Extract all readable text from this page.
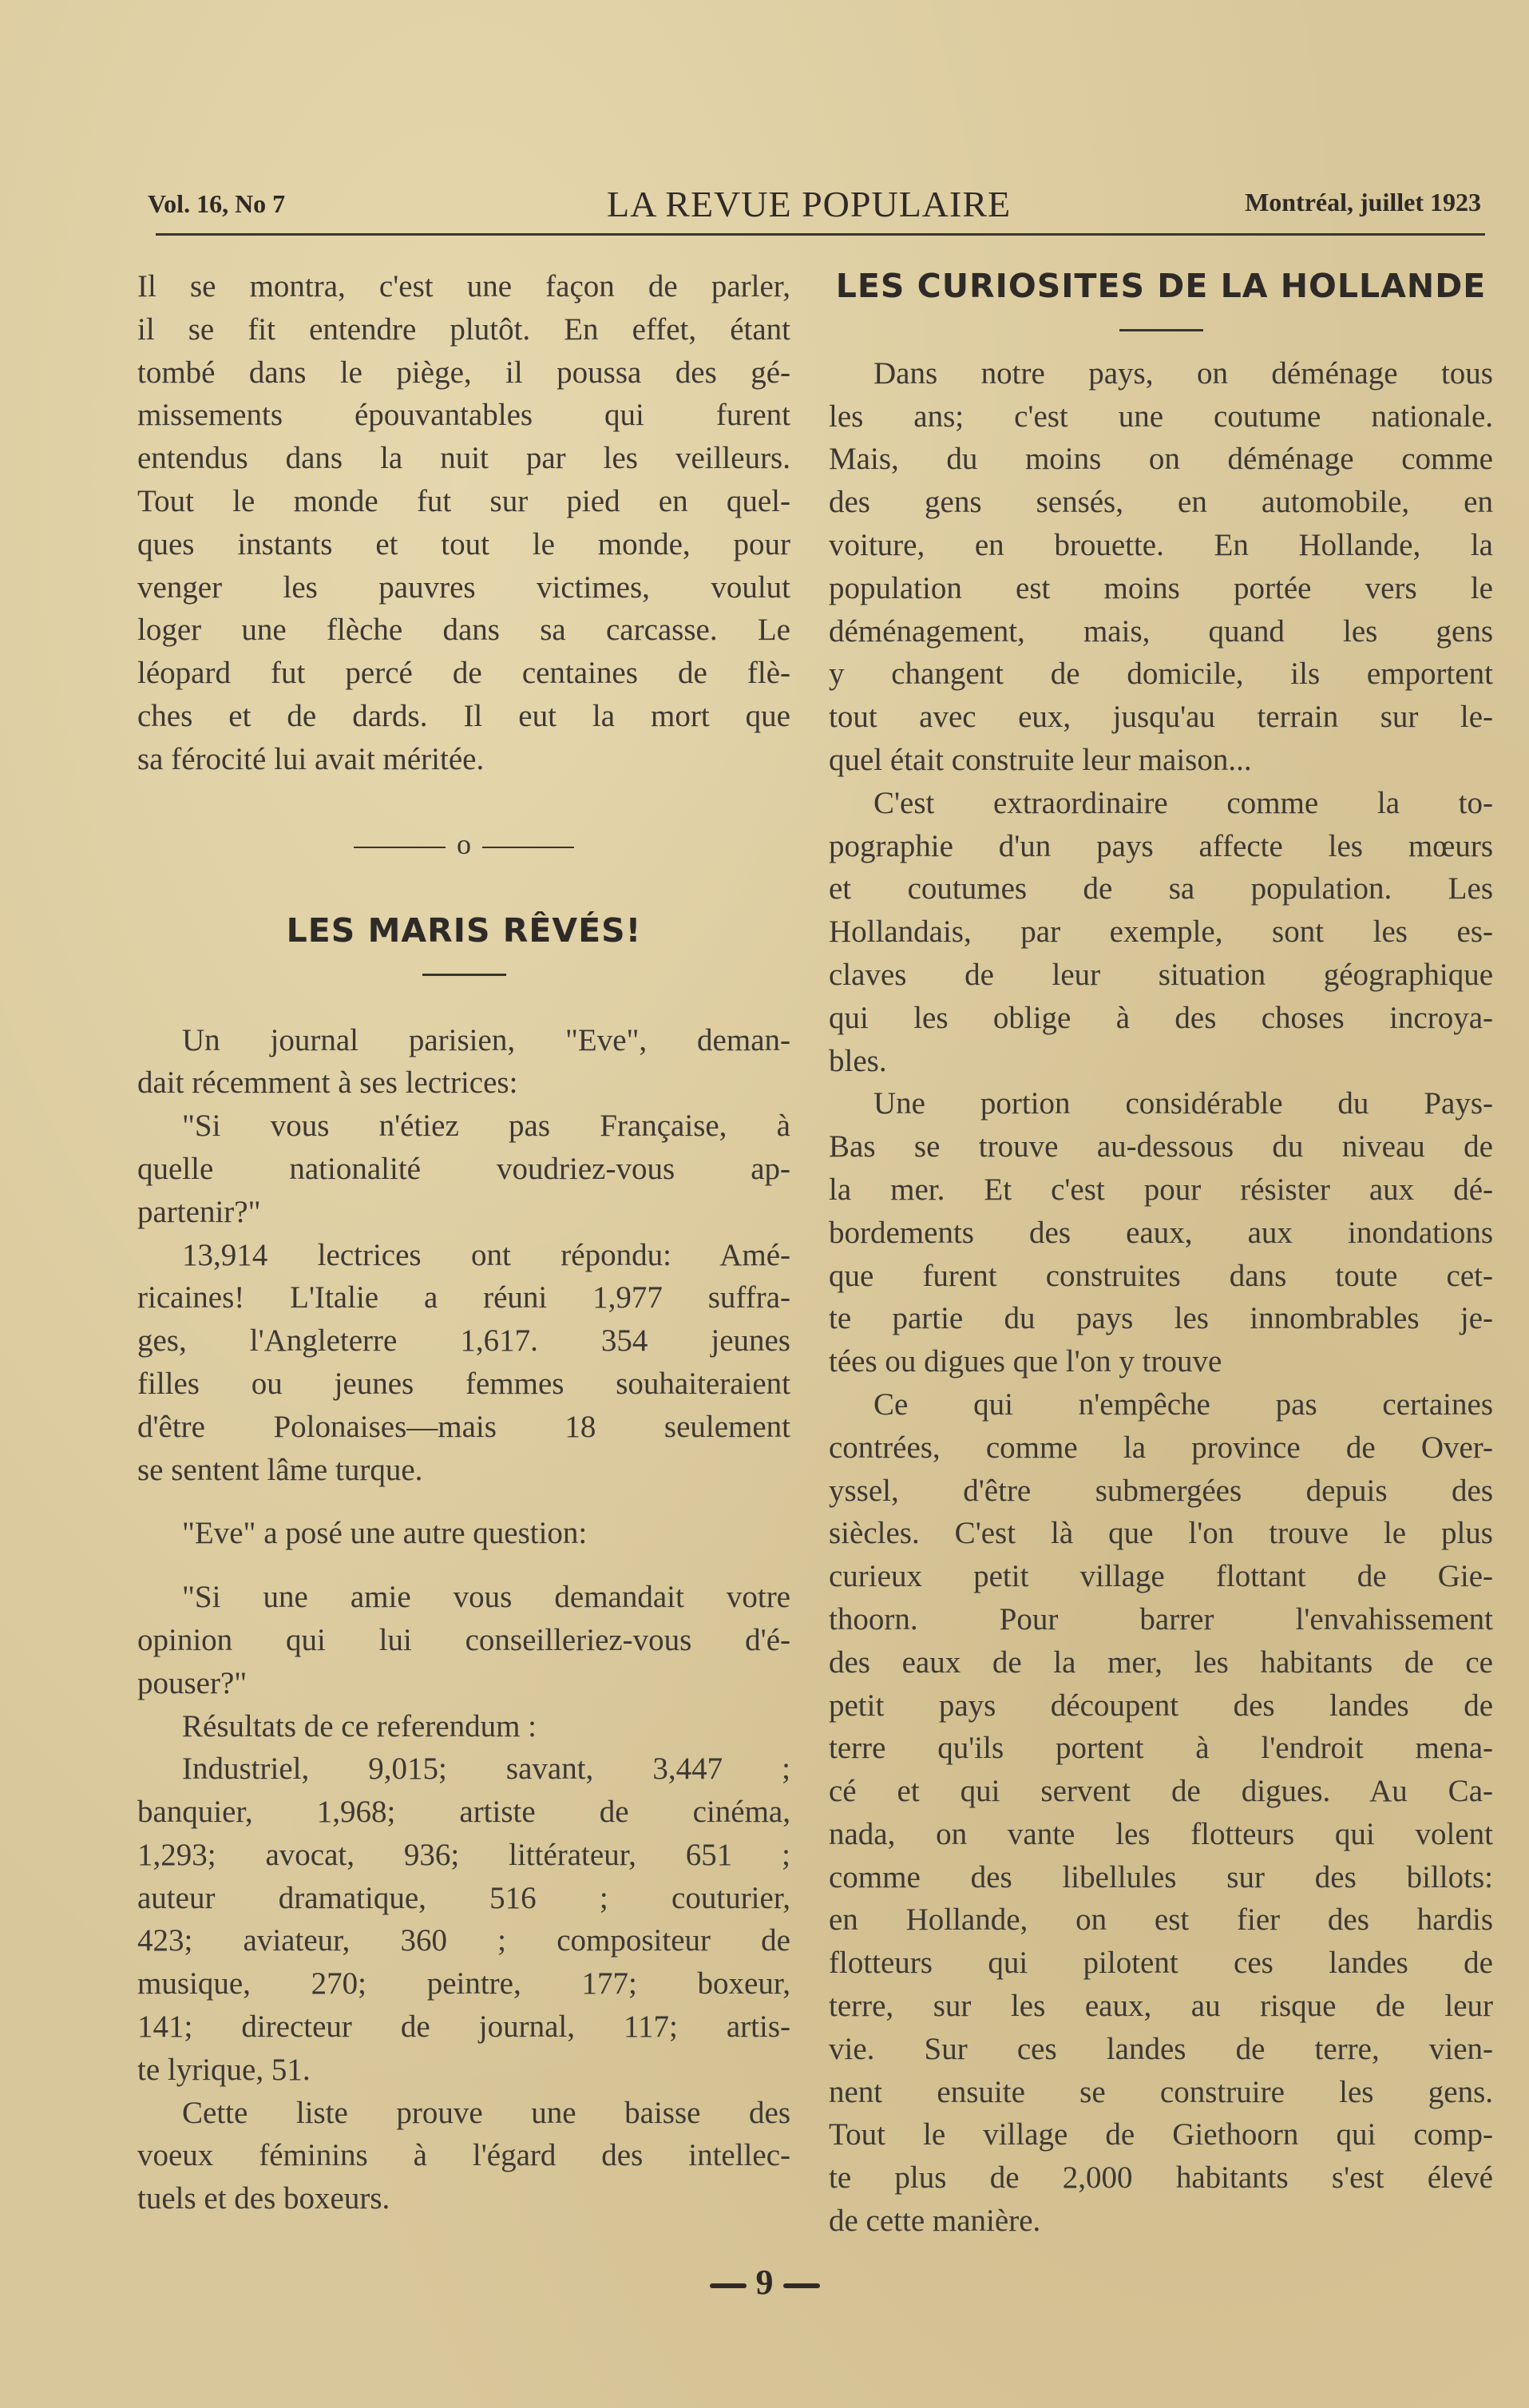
Vol. 16, No 7	LA REVUE POPULAIRE	Montréal, juillet 1923
Il se montra, c'est une façon de parler,
il se fit entendre plutôt. En effet, étant
tombé dans le piège, il poussa des gé-
missements épouvantables qui furent
entendus dans la nuit par les veilleurs.
Tout le monde fut sur pied en quel-
ques instants et tout le monde, pour
venger les pauvres victimes, voulut
loger une flèche dans sa carcasse. Le
léopard fut percé de centaines de flè-
ches et de dards. Il eut la mort que
sa férocité lui avait méritée.
o
LES MARIS RÊVÉS!
Un journal parisien, "Eve", deman-
dait récemment à ses lectrices:
"Si vous n'étiez pas Française, à
quelle nationalité voudriez-vous ap-
partenir?"
13,914 lectrices ont répondu: Amé-
ricaines! L'Italie a réuni 1,977 suffra-
ges, l'Angleterre 1,617. 354 jeunes
filles ou jeunes femmes souhaiteraient
d'être Polonaises—mais 18 seulement
se sentent lâme turque.
"Eve" a posé une autre question:
"Si une amie vous demandait votre
opinion qui lui conseilleriez-vous d'é-
pouser?"
Résultats de ce referendum :
Industriel, 9,015; savant, 3,447 ;
banquier, 1,968; artiste de cinéma,
1,293; avocat, 936; littérateur, 651 ;
auteur dramatique, 516 ; couturier,
423; aviateur, 360 ; compositeur de
musique, 270; peintre, 177; boxeur,
141; directeur de journal, 117; artis-
te lyrique, 51.
Cette liste prouve une baisse des
voeux féminins à l'égard des intellec-
tuels et des boxeurs.
LES CURIOSITES DE LA HOLLANDE
Dans notre pays, on déménage tous
les ans; c'est une coutume nationale.
Mais, du moins on déménage comme
des gens sensés, en automobile, en
voiture, en brouette. En Hollande, la
population est moins portée vers le
déménagement, mais, quand les gens
y changent de domicile, ils emportent
tout avec eux, jusqu'au terrain sur le-
quel était construite leur maison...
C'est extraordinaire comme la to-
pographie d'un pays affecte les mœurs
et coutumes de sa population. Les
Hollandais, par exemple, sont les es-
claves de leur situation géographique
qui les oblige à des choses incroya-
bles.
Une portion considérable du Pays-
Bas se trouve au-dessous du niveau de
la mer. Et c'est pour résister aux dé-
bordements des eaux, aux inondations
que furent construites dans toute cet-
te partie du pays les innombrables je-
tées ou digues que l'on y trouve
Ce qui n'empêche pas certaines
contrées, comme la province de Over-
yssel, d'être submergées depuis des
siècles. C'est là que l'on trouve le plus
curieux petit village flottant de Gie-
thoorn. Pour barrer l'envahissement
des eaux de la mer, les habitants de ce
petit pays découpent des landes de
terre qu'ils portent à l'endroit mena-
cé et qui servent de digues. Au Ca-
nada, on vante les flotteurs qui volent
comme des libellules sur des billots:
en Hollande, on est fier des hardis
flotteurs qui pilotent ces landes de
terre, sur les eaux, au risque de leur
vie. Sur ces landes de terre, vien-
nent ensuite se construire les gens.
Tout le village de Giethoorn qui comp-
te plus de 2,000 habitants s'est élevé
de cette manière.
9
